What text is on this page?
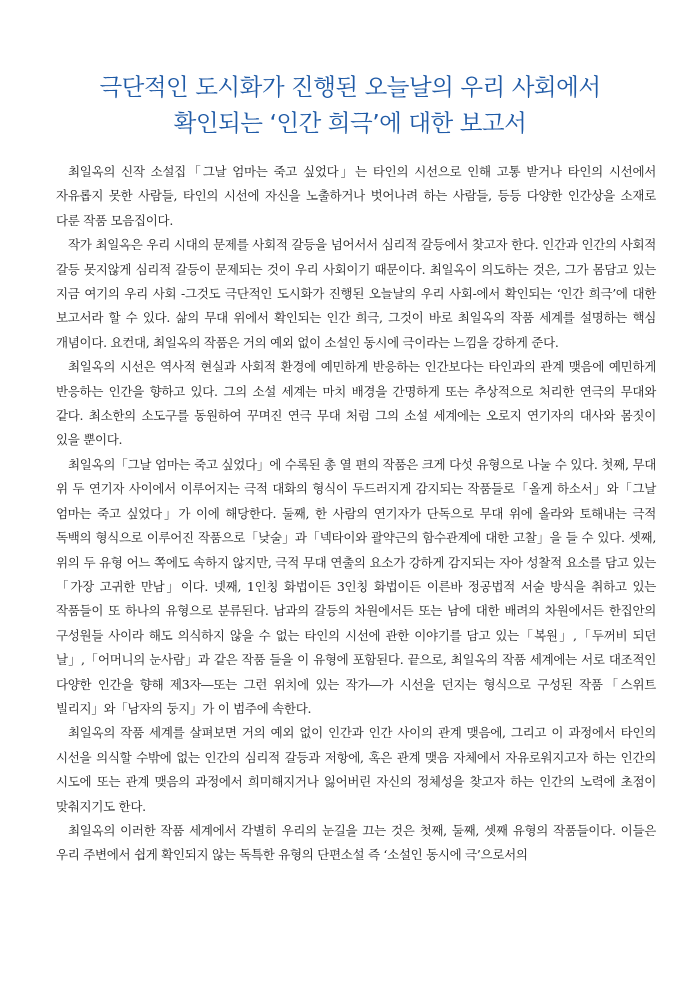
극단적인 도시화가 진행된 오늘날의 우리 사회에서
확인되는 ‘인간 희극’에 대한 보고서

최일옥의 신작 소설집「그날 엄마는 죽고 싶었다」는 타인의 시선으로 인해 고통 받거나 타인의 시선에서 자유롭지 못한 사람들, 타인의 시선에 자신을 노출하거나 벗어나려 하는 사람들, 등등 다양한 인간상을 소재로 다룬 작품 모음집이다.

작가 최일옥은 우리 시대의 문제를 사회적 갈등을 넘어서서 심리적 갈등에서 찾고자 한다. 인간과 인간의 사회적 갈등 못지않게 심리적 갈등이 문제되는 것이 우리 사회이기 때문이다. 최일옥이 의도하는 것은, 그가 몸담고 있는 지금 여기의 우리 사회 -그것도 극단적인 도시화가 진행된 오늘날의 우리 사회-에서 확인되는 ‘인간 희극’에 대한 보고서라 할 수 있다. 삶의 무대 위에서 확인되는 인간 희극, 그것이 바로 최일옥의 작품 세계를 설명하는 핵심 개념이다. 요컨대, 최일옥의 작품은 거의 예외 없이 소설인 동시에 극이라는 느낌을 강하게 준다.

최일옥의 시선은 역사적 현실과 사회적 환경에 예민하게 반응하는 인간보다는 타인과의 관계 맺음에 예민하게 반응하는 인간을 향하고 있다. 그의 소설 세계는 마치 배경을 간명하게 또는 추상적으로 처리한 연극의 무대와 같다. 최소한의 소도구를 동원하여 꾸며진 연극 무대 처럼 그의 소설 세계에는 오로지 연기자의 대사와 몸짓이 있을 뿐이다.

최일옥의「그날 엄마는 죽고 싶었다」에 수록된 총 열 편의 작품은 크게 다섯 유형으로 나눌 수 있다. 첫째, 무대 위 두 연기자 사이에서 이루어지는 극적 대화의 형식이 두드러지게 감지되는 작품들로「올게 하소서」와「그날 엄마는 죽고 싶었다」가 이에 해당한다. 둘째, 한 사람의 연기자가 단독으로 무대 위에 올라와 토해내는 극적 독백의 형식으로 이루어진 작품으로「낮술」과「넥타이와 괄약근의 함수관계에 대한 고찰」을 들 수 있다. 셋째, 위의 두 유형 어느 쪽에도 속하지 않지만, 극적 무대 연출의 요소가 강하게 감지되는 자아 성찰적 요소를 담고 있는「가장 고귀한 만남」이다. 넷째, 1인칭 화법이든 3인칭 화법이든 이른바 정공법적 서술 방식을 취하고 있는 작품들이 또 하나의 유형으로 분류된다. 남과의 갈등의 차원에서든 또는 남에 대한 배려의 차원에서든 한집안의 구성원들 사이라 해도 의식하지 않을 수 없는 타인의 시선에 관한 이야기를 담고 있는「복원」,「두꺼비 되던 날」,「어머니의 눈사람」과 같은 작품 들을 이 유형에 포함된다. 끝으로, 최일옥의 작품 세계에는 서로 대조적인 다양한 인간을 향해 제3자―또는 그런 위치에 있는 작가―가 시선을 던지는 형식으로 구성된 작품「스위트 빌리지」와「남자의 둥지」가 이 범주에 속한다.

최일옥의 작품 세계를 살펴보면 거의 예외 없이 인간과 인간 사이의 관계 맺음에, 그리고 이 과정에서 타인의 시선을 의식할 수밖에 없는 인간의 심리적 갈등과 저항에, 혹은 관계 맺음 자체에서 자유로워지고자 하는 인간의 시도에 또는 관계 맺음의 과정에서 희미해지거나 잃어버린 자신의 정체성을 찾고자 하는 인간의 노력에 초점이 맞춰지기도 한다.

최일옥의 이러한 작품 세계에서 각별히 우리의 눈길을 끄는 것은 첫째, 둘째, 셋째 유형의 작품들이다. 이들은 우리 주변에서 쉽게 확인되지 않는 독특한 유형의 단편소설 즉 ‘소설인 동시에 극’으로서의
